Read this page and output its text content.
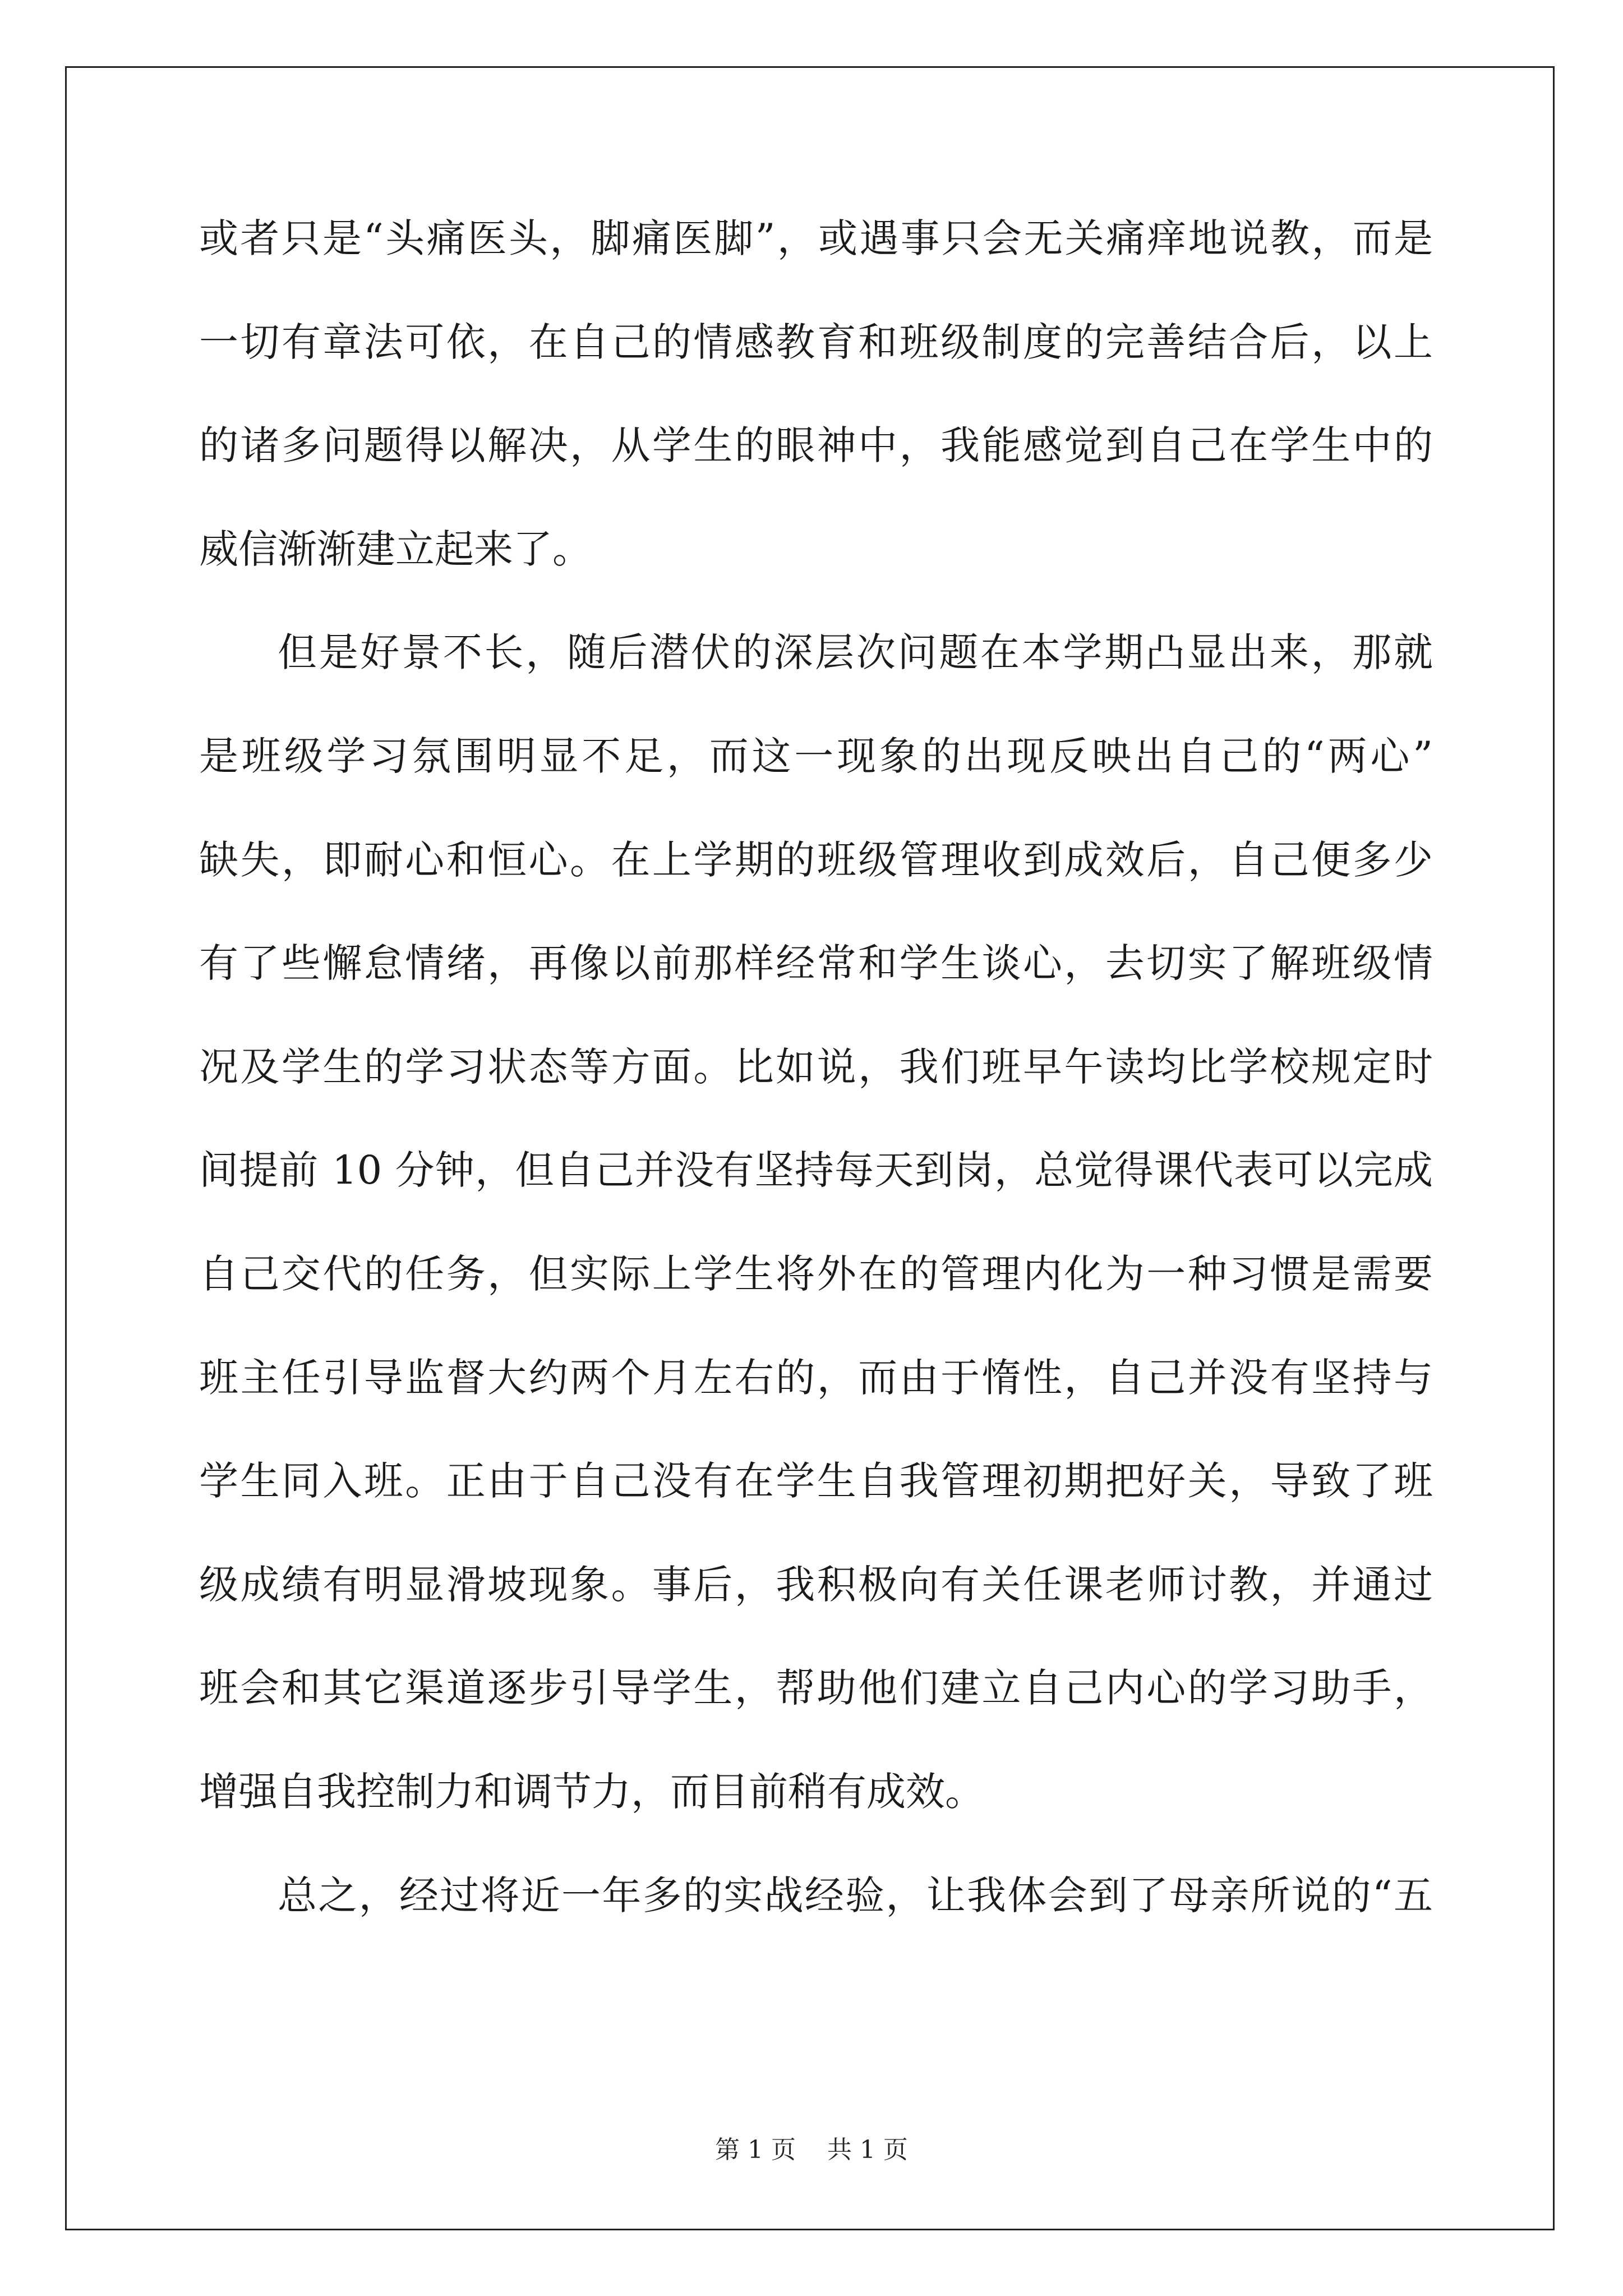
或者只是“头痛医头，脚痛医脚”，或遇事只会无关痛痒地说教，而是
一切有章法可依，在自己的情感教育和班级制度的完善结合后，以上
的诸多问题得以解决，从学生的眼神中，我能感觉到自己在学生中的
威信渐渐建立起来了。
但是好景不长，随后潜伏的深层次问题在本学期凸显出来，那就
是班级学习氛围明显不足，而这一现象的出现反映出自己的“两心”
缺失，即耐心和恒心。在上学期的班级管理收到成效后，自己便多少
有了些懈怠情绪，再像以前那样经常和学生谈心，去切实了解班级情
况及学生的学习状态等方面。比如说，我们班早午读均比学校规定时
间提前 10 分钟，但自己并没有坚持每天到岗，总觉得课代表可以完成
自己交代的任务，但实际上学生将外在的管理内化为一种习惯是需要
班主任引导监督大约两个月左右的，而由于惰性，自己并没有坚持与
学生同入班。正由于自己没有在学生自我管理初期把好关，导致了班
级成绩有明显滑坡现象。事后，我积极向有关任课老师讨教，并通过
班会和其它渠道逐步引导学生，帮助他们建立自己内心的学习助手，
增强自我控制力和调节力，而目前稍有成效。
总之，经过将近一年多的实战经验，让我体会到了母亲所说的“五
第 1 页    共 1 页
